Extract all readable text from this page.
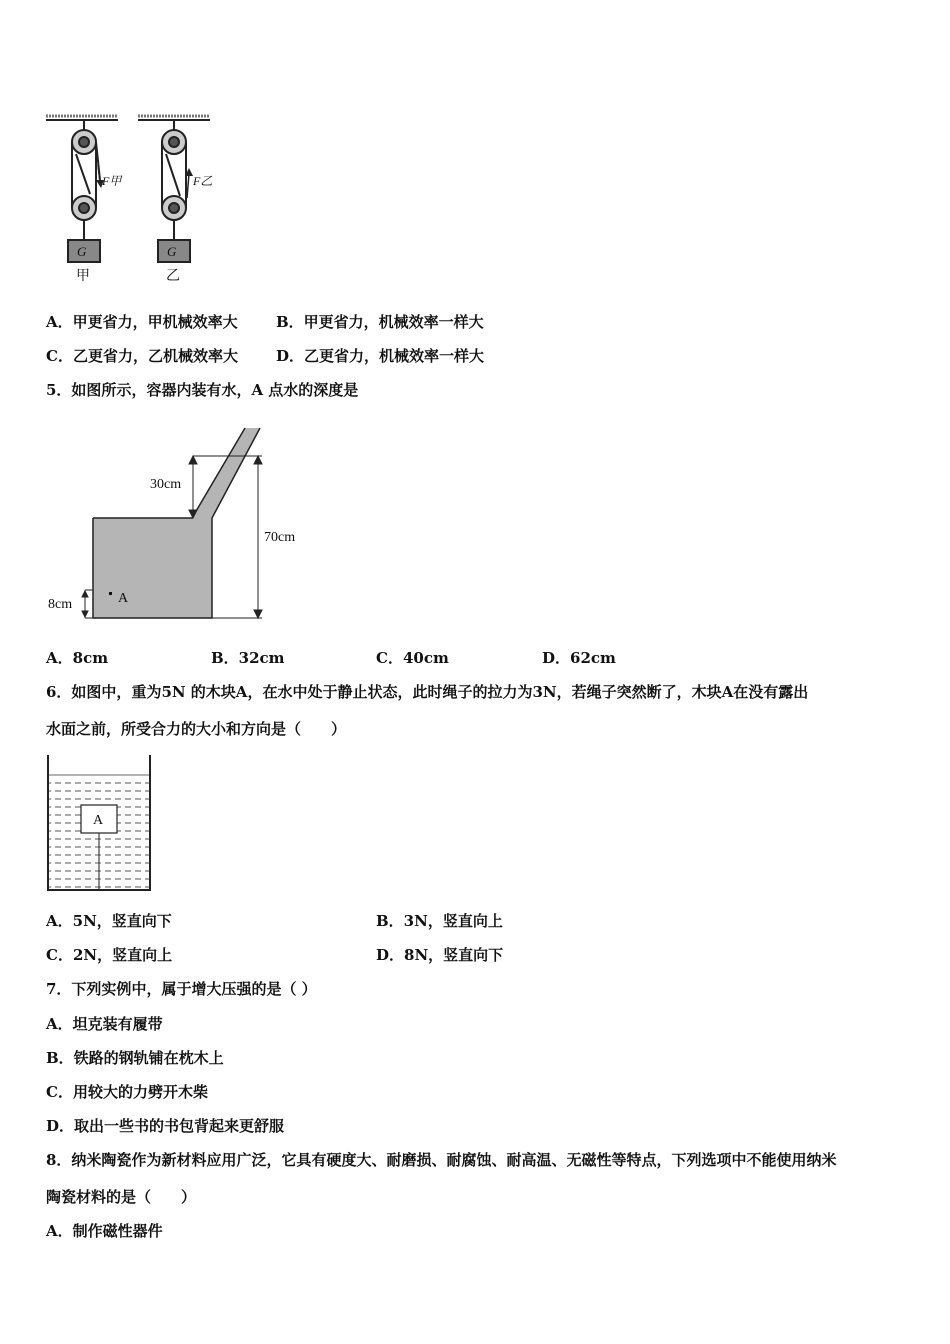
G	G
F甲	F乙
甲	乙
A．甲更省力，甲机械效率大	B．甲更省力，机械效率一样大
C．乙更省力，乙机械效率大	D．乙更省力，机械效率一样大
5．如图所示，容器内装有水，A 点水的深度是
A
30cm
70cm
8cm
A．8cm	B．32cm	C．40cm	D．62cm
6．如图中，重为5N 的木块A，在水中处于静止状态，此时绳子的拉力为3N，若绳子突然断了，木块A在没有露出
水面之前，所受合力的大小和方向是（　　）
A
A．5N，竖直向下	B．3N，竖直向上
C．2N，竖直向上	D．8N，竖直向下
7．下列实例中，属于增大压强的是（ ）
A．坦克装有履带
B．铁路的钢轨铺在枕木上
C．用较大的力劈开木柴
D．取出一些书的书包背起来更舒服
8．纳米陶瓷作为新材料应用广泛，它具有硬度大、耐磨损、耐腐蚀、耐高温、无磁性等特点，下列选项中不能使用纳米
陶瓷材料的是（　　）
A．制作磁性器件
